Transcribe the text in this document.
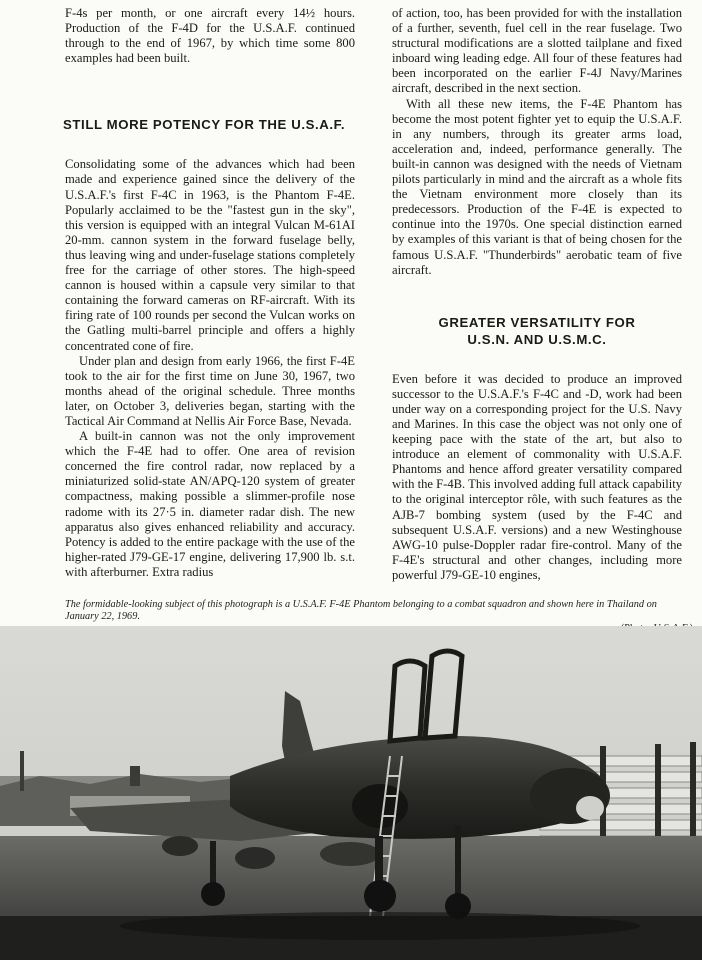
F-4s per month, or one aircraft every 14½ hours. Production of the F-4D for the U.S.A.F. continued through to the end of 1967, by which time some 800 examples had been built.

STILL MORE POTENCY FOR THE U.S.A.F.

Consolidating some of the advances which had been made and experience gained since the delivery of the U.S.A.F.'s first F-4C in 1963, is the Phantom F-4E. Popularly acclaimed to be the "fastest gun in the sky", this version is equipped with an integral Vulcan M-61AI 20-mm. cannon system in the forward fuselage belly, thus leaving wing and under-fuselage stations completely free for the carriage of other stores. The high-speed cannon is housed within a capsule very similar to that containing the forward cameras on RF-aircraft. With its firing rate of 100 rounds per second the Vulcan works on the Gatling multi-barrel principle and offers a highly concentrated cone of fire.

Under plan and design from early 1966, the first F-4E took to the air for the first time on June 30, 1967, two months ahead of the original schedule. Three months later, on October 3, deliveries began, starting with the Tactical Air Command at Nellis Air Force Base, Nevada.

A built-in cannon was not the only improvement which the F-4E had to offer. One area of revision concerned the fire control radar, now replaced by a miniaturized solid-state AN/APQ-120 system of greater compactness, making possible a slimmer-profile nose radome with its 27·5 in. diameter radar dish. The new apparatus also gives enhanced reliability and accuracy. Potency is added to the entire package with the use of the higher-rated J79-GE-17 engine, delivering 17,900 lb. s.t. with afterburner. Extra radius

of action, too, has been provided for with the installation of a further, seventh, fuel cell in the rear fuselage. Two structural modifications are a slotted tailplane and fixed inboard wing leading edge. All four of these features had been incorporated on the earlier F-4J Navy/Marines aircraft, described in the next section.

With all these new items, the F-4E Phantom has become the most potent fighter yet to equip the U.S.A.F. in any numbers, through its greater arms load, acceleration and, indeed, performance generally. The built-in cannon was designed with the needs of Vietnam pilots particularly in mind and the aircraft as a whole fits the Vietnam environment more closely than its predecessors. Production of the F-4E is expected to continue into the 1970s. One special distinction earned by examples of this variant is that of being chosen for the famous U.S.A.F. "Thunderbirds" aerobatic team of five aircraft.

GREATER VERSATILITY FOR
U.S.N. AND U.S.M.C.

Even before it was decided to produce an improved successor to the U.S.A.F.'s F-4C and -D, work had been under way on a corresponding project for the U.S. Navy and Marines. In this case the object was not only one of keeping pace with the state of the art, but also to introduce an element of commonality with U.S.A.F. Phantoms and hence afford greater versatility compared with the F-4B. This involved adding full attack capability to the original interceptor rôle, with such features as the AJB-7 bombing system (used by the F-4C and subsequent U.S.A.F. versions) and a new Westinghouse AWG-10 pulse-Doppler radar fire-control. Many of the F-4E's structural and other changes, including more powerful J79-GE-10 engines,

The formidable-looking subject of this photograph is a U.S.A.F. F-4E Phantom belonging to a combat squadron and shown here in Thailand on January 22, 1969.
